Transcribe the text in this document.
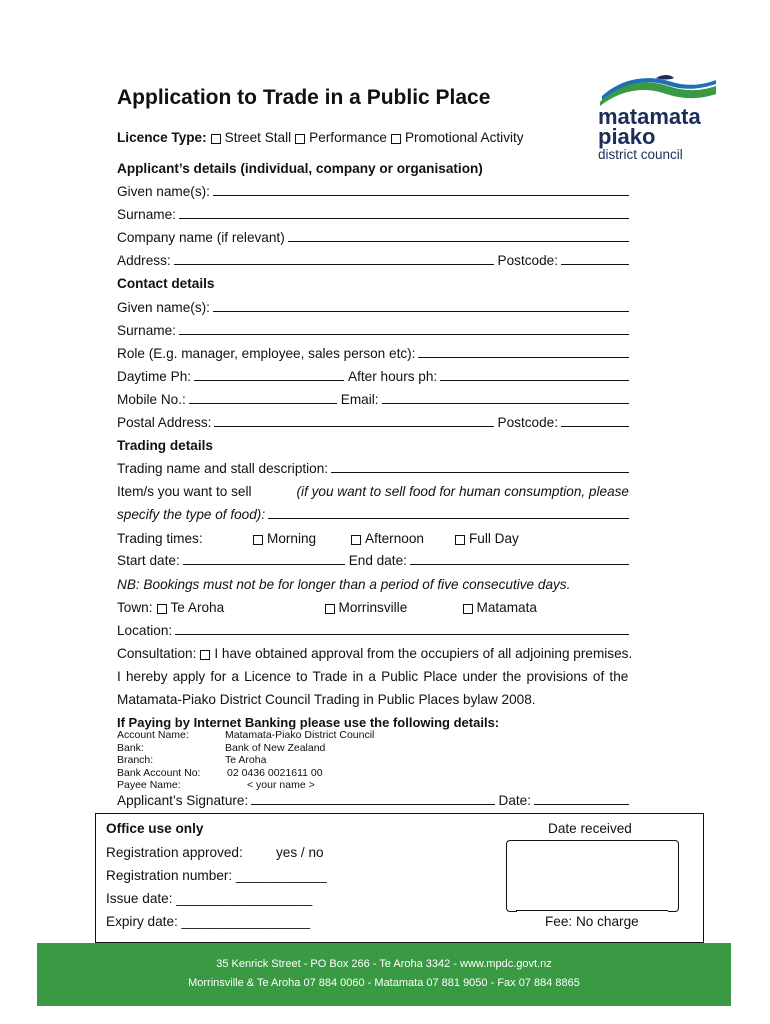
Application to Trade in a Public Place
matamata
piako
district council
Licence Type: Street Stall Performance Promotional Activity
Applicant’s details (individual, company or organisation)
Given name(s):
Surname:
Company name (if relevant)
Address:	Postcode:
Contact details
Given name(s):
Surname:
Role (E.g. manager, employee, sales person etc):
Daytime Ph:	After hours ph:
Mobile No.:	Email:
Postal Address:	Postcode:
Trading details
Trading name and stall description:
Item/s you want to sell	(if you want to sell food for human consumption, please
specify the type of food):
Trading times:	Morning	Afternoon	Full Day
Start date:	End date:
NB: Bookings must not be for longer than a period of five consecutive days.
Town: Te Aroha	Morrinsville	Matamata
Location:
Consultation: I have obtained approval from the occupiers of all adjoining premises.
I hereby apply for a Licence to Trade in a Public Place under the provisions of the
Matamata-Piako District Council Trading in Public Places bylaw 2008.
If Paying by Internet Banking please use the following details:
Account Name:	Matamata-Piako District Council
Bank:	Bank of New Zealand
Branch:	Te Aroha
Bank Account No:	02 0436 0021611 00
Payee Name:	< your name >
Applicant’s Signature:	Date:
Office use only	Date received
Registration approved: yes / no
Registration number: ____________
Issue date: __________________
Expiry date: _________________	Fee: No charge
35 Kenrick Street - PO Box 266 - Te Aroha 3342 - www.mpdc.govt.nz
Morrinsville & Te Aroha 07 884 0060 - Matamata 07 881 9050 - Fax 07 884 8865
